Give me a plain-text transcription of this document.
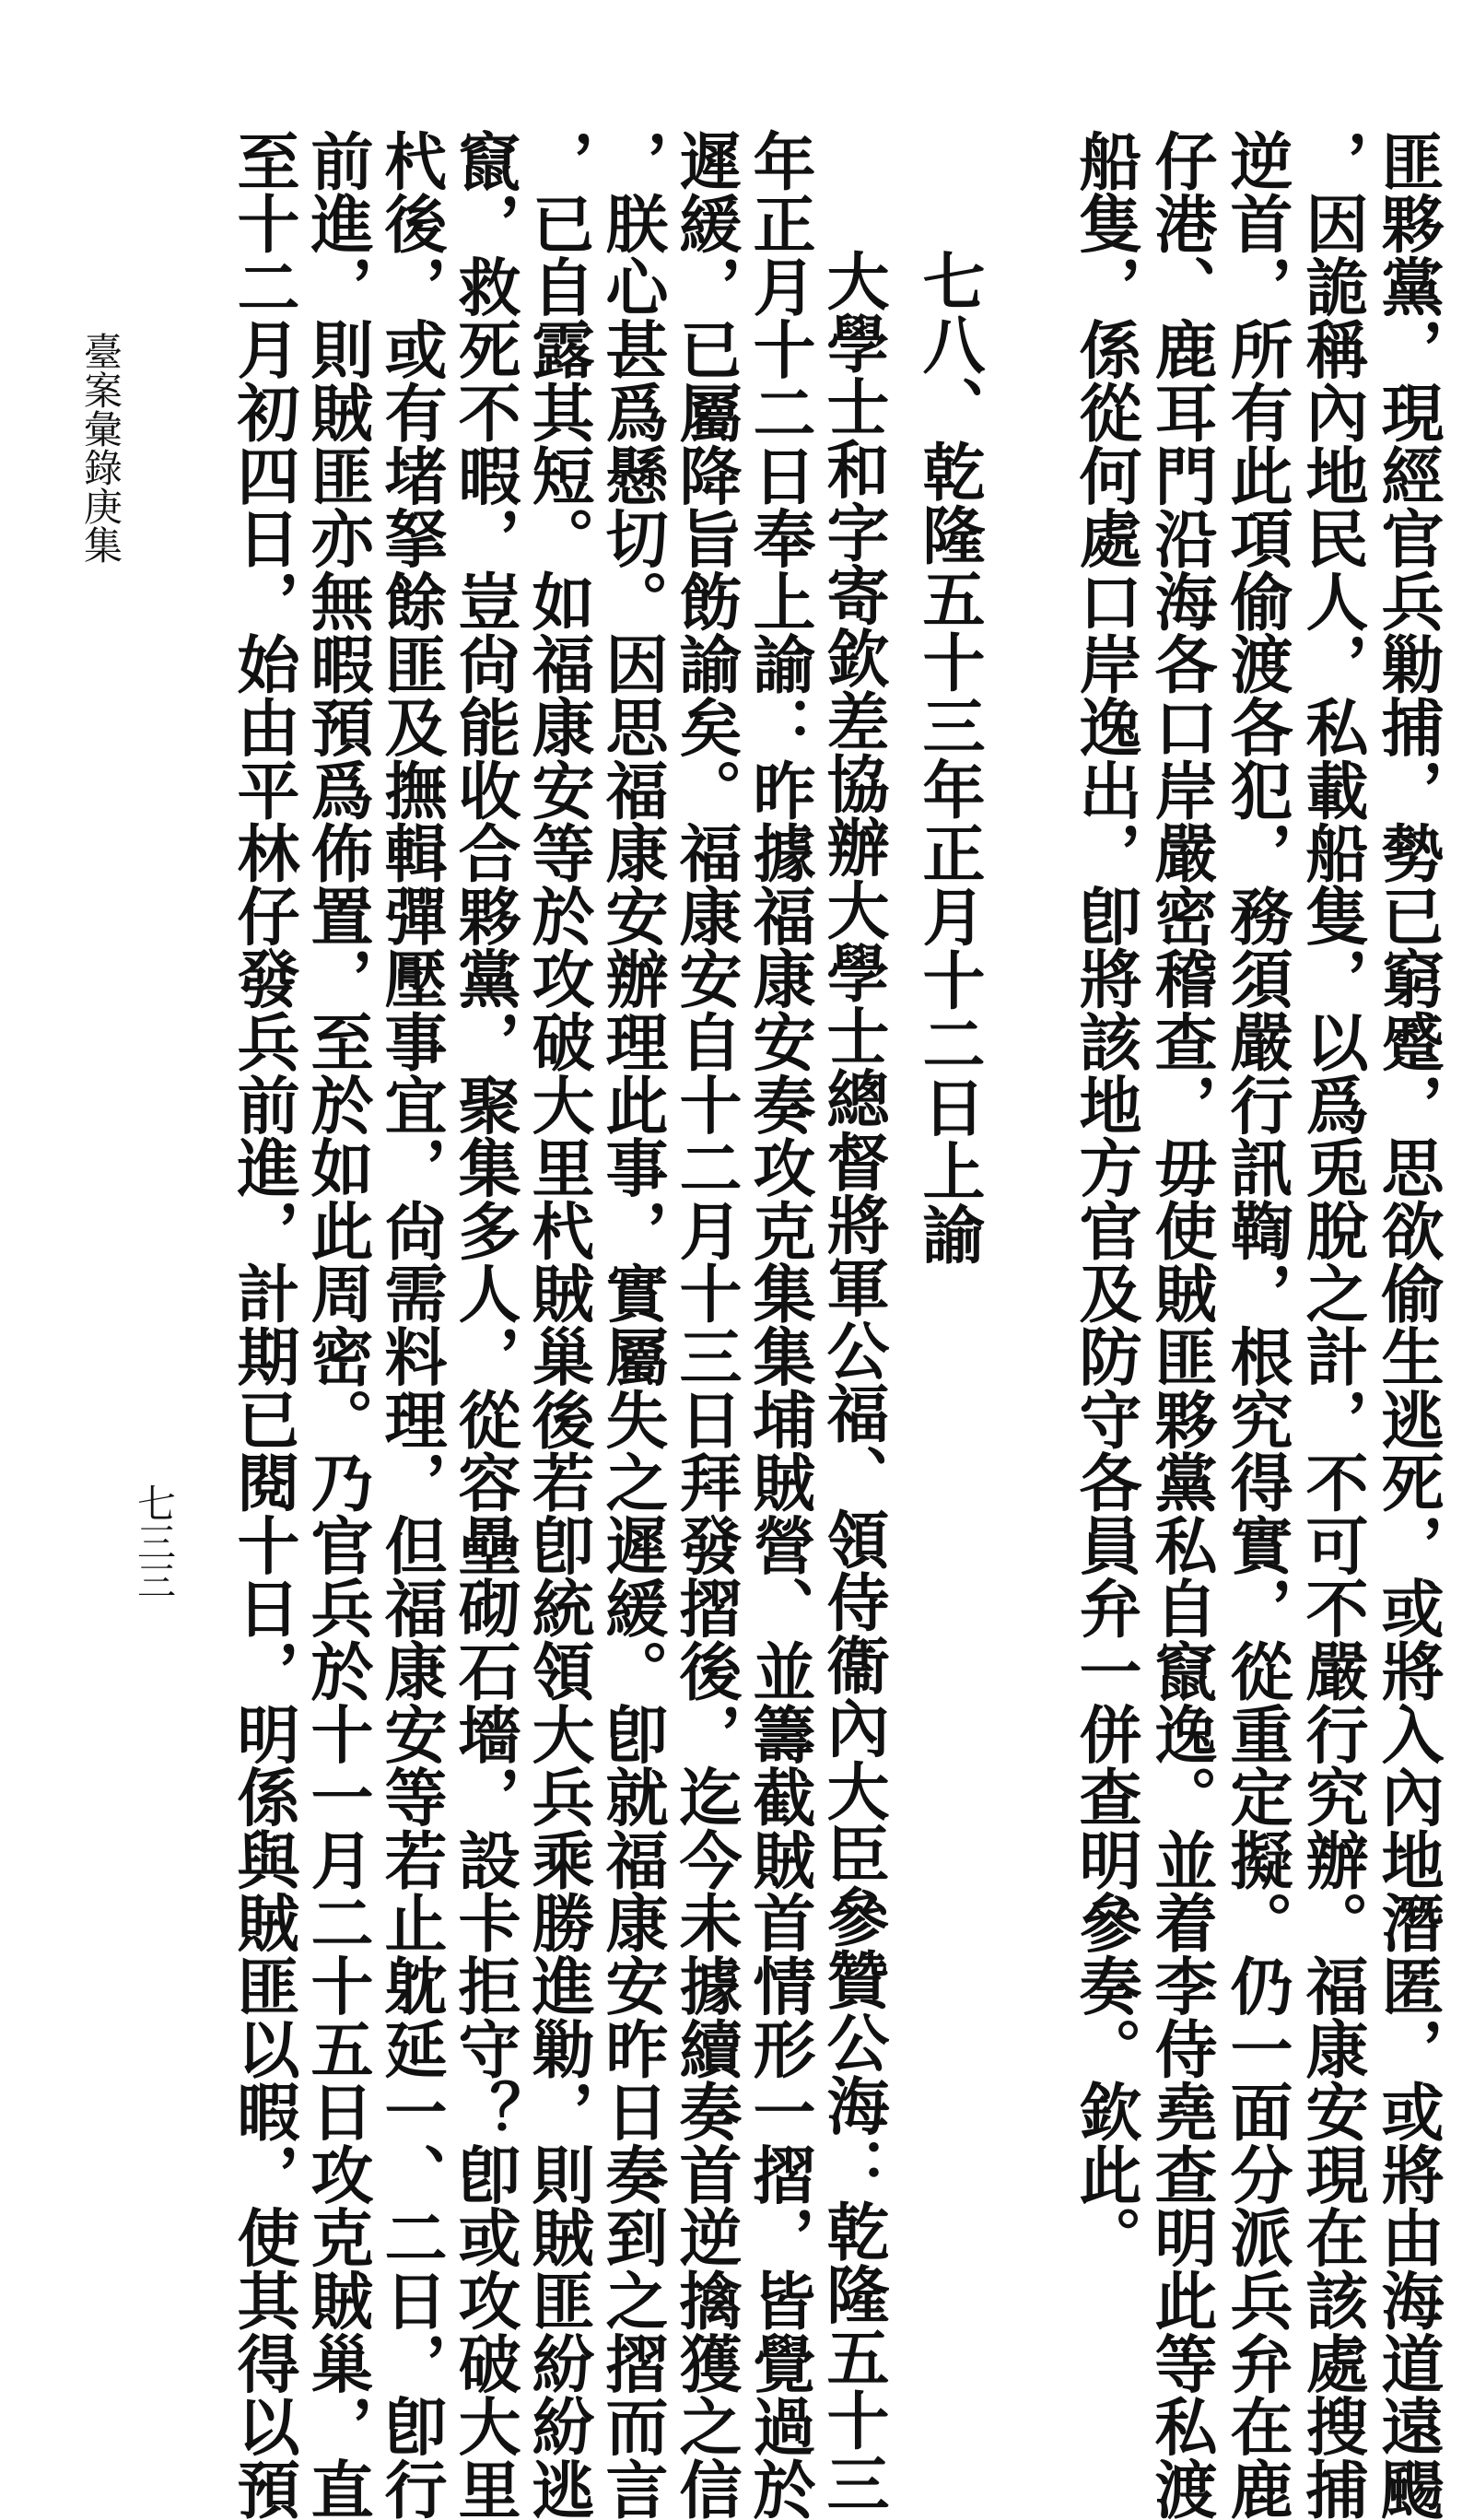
匪夥黨，現經官兵勦捕，勢已窮蹙，思欲偷生逃死，或將入內地潛匿，或將由海道遠颺
，因詭稱內地民人，私載船隻，以爲兎脫之計，不可不嚴行究辦。福康安現在該處搜捕
逆首，所有此項偷渡各犯，務須嚴行訊鞫，根究得實，從重定擬。仍一面分派兵弁在鹿
仔港、鹿耳門沿海各口岸嚴密稽查，毋使賊匪夥黨私自竄逸。並着李侍堯查明此等私渡
船隻，係從何處口岸逸出，卽將該地方官及防守各員弁一併查明參奏。欽此。
七八、乾隆五十三年正月十二日上諭
大學士和字寄欽差協辦大學士總督將軍公福、領侍衞內大臣參贊公海：乾隆五十三
年正月十二日奉上諭：昨據福康安奏攻克集集埔賊營、並籌截賊首情形一摺，皆覺過於
遲緩，已屬降旨飭諭矣。福康安自十二月十三日拜發摺後，迄今未據續奏首逆擒獲之信
，朕心甚爲懸切。因思福康安辦理此事，實屬失之遲緩。卽就福康安昨日奏到之摺而言
，已自露其短。如福康安等於攻破大里杙賊巢後若卽統領大兵乘勝進勦，則賊匪紛紛逃
竄，救死不暇，豈尙能收合夥黨，聚集多人，從容壘砌石墻，設卡拒守？卽或攻破大里
杙後，或有堵拏餘匪及撫輯彈壓事宜，尙需料理，但福康安等若止躭延一、二日，卽行
前進，則賊匪亦無暇預爲佈置，至於如此周密。乃官兵於十一月二十五日攻克賊巢，直
至十二月初四日，始由平林仔發兵前進，計期已閱十日，明係與賊匪以暇，使其得以預
七三三
臺案彙錄庚集
